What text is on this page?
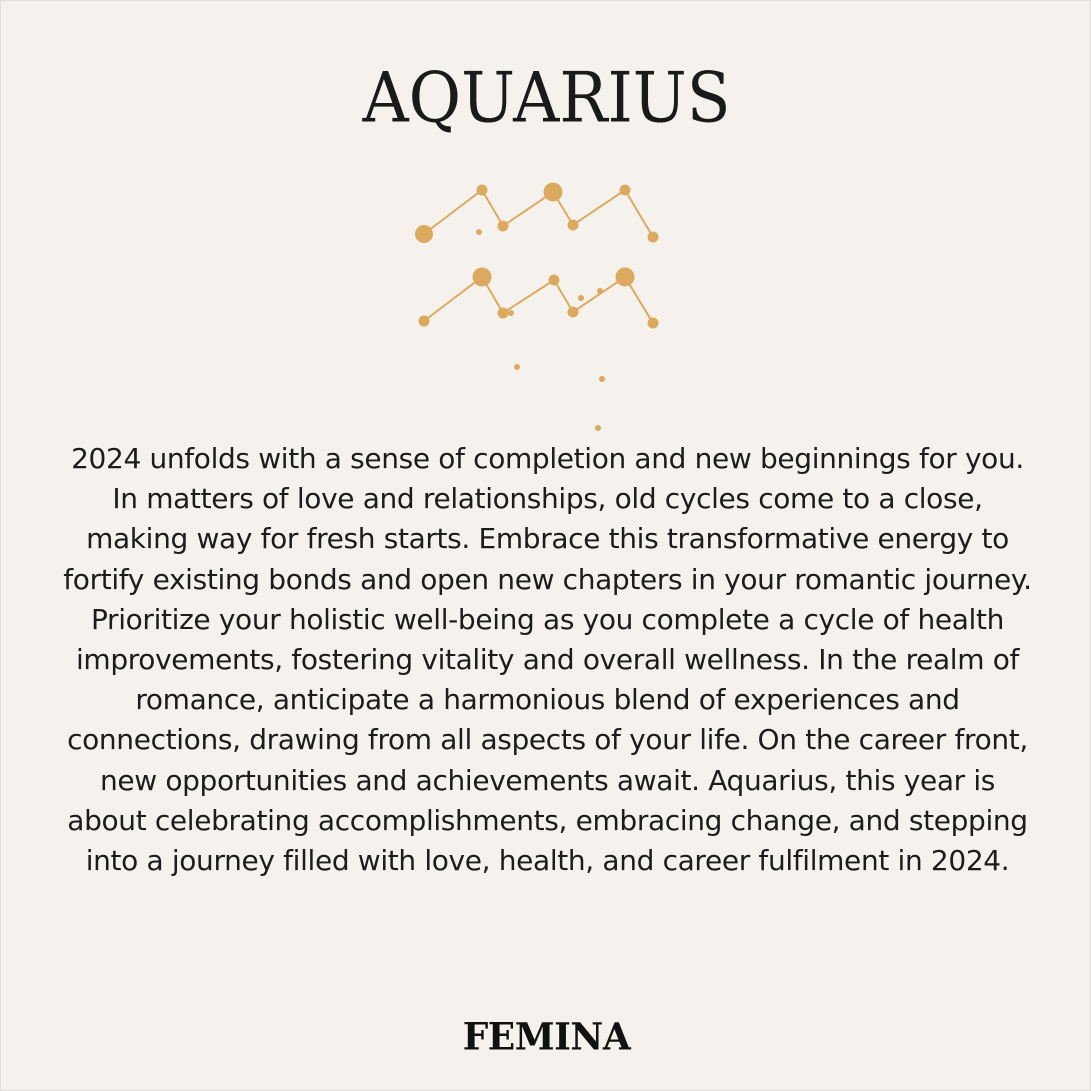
AQUARIUS

2024 unfolds with a sense of completion and new beginnings for you. In matters of love and relationships, old cycles come to a close, making way for fresh starts. Embrace this transformative energy to fortify existing bonds and open new chapters in your romantic journey. Prioritize your holistic well-being as you complete a cycle of health improvements, fostering vitality and overall wellness. In the realm of romance, anticipate a harmonious blend of experiences and connections, drawing from all aspects of your life. On the career front, new opportunities and achievements await. Aquarius, this year is about celebrating accomplishments, embracing change, and stepping into a journey filled with love, health, and career fulfilment in 2024.

FEMINA
